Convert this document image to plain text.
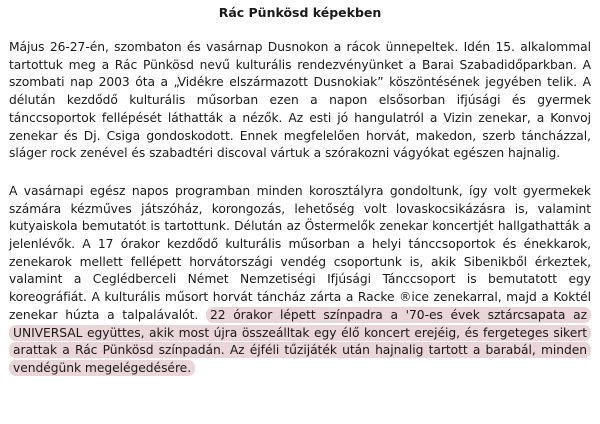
Rác Pünkösd képekben

Május 26-27-én, szombaton és vasárnap Dusnokon a rácok ünnepeltek. Idén 15. alkalommal tartottuk meg a Rác Pünkösd nevű kulturális rendezvényünket a Barai Szabadidőparkban. A szombati nap 2003 óta a „Vidékre elszármazott Dusnokiak” köszöntésének jegyében telik. A délután kezdődő kulturális műsorban ezen a napon elsősorban ifjúsági és gyermek tánccsoportok fellépését láthatták a nézők. Az esti jó hangulatról a Vizin zenekar, a Konvoj zenekar és Dj. Csiga gondoskodott. Ennek megfelelően horvát, makedon, szerb táncházzal, sláger rock zenével és szabadtéri discoval vártuk a szórakozni vágyókat egészen hajnalig.

A vasárnapi egész napos programban minden korosztályra gondoltunk, így volt gyermekek számára kézműves játszóház, korongozás, lehetőség volt lovaskocsikázásra is, valamint kutyaiskola bemutatót is tartottunk. Délután az Östermelők zenekar koncertjét hallgathatták a jelenlévők. A 17 órakor kezdődő kulturális műsorban a helyi tánccsoportok és énekkarok, zenekarok mellett fellépett horvátországi vendég csoportunk is, akik Sibenikből érkeztek, valamint a Ceglédberceli Német Nemzetiségi Ifjúsági Tánccsoport is bemutatott egy koreográfiát. A kulturális műsort horvát táncház zárta a Racke ®ice zenekarral, majd a Koktél zenekar húzta a talpalávalót. 22 órakor lépett színpadra a '70-es évek sztárcsapata az UNIVERSAL együttes, akik most újra összeálltak egy élő koncert erejéig, és fergeteges sikert arattak a Rác Pünkösd színpadán. Az éjféli tűzijáték után hajnalig tartott a barabál, minden vendégünk megelégedésére.
